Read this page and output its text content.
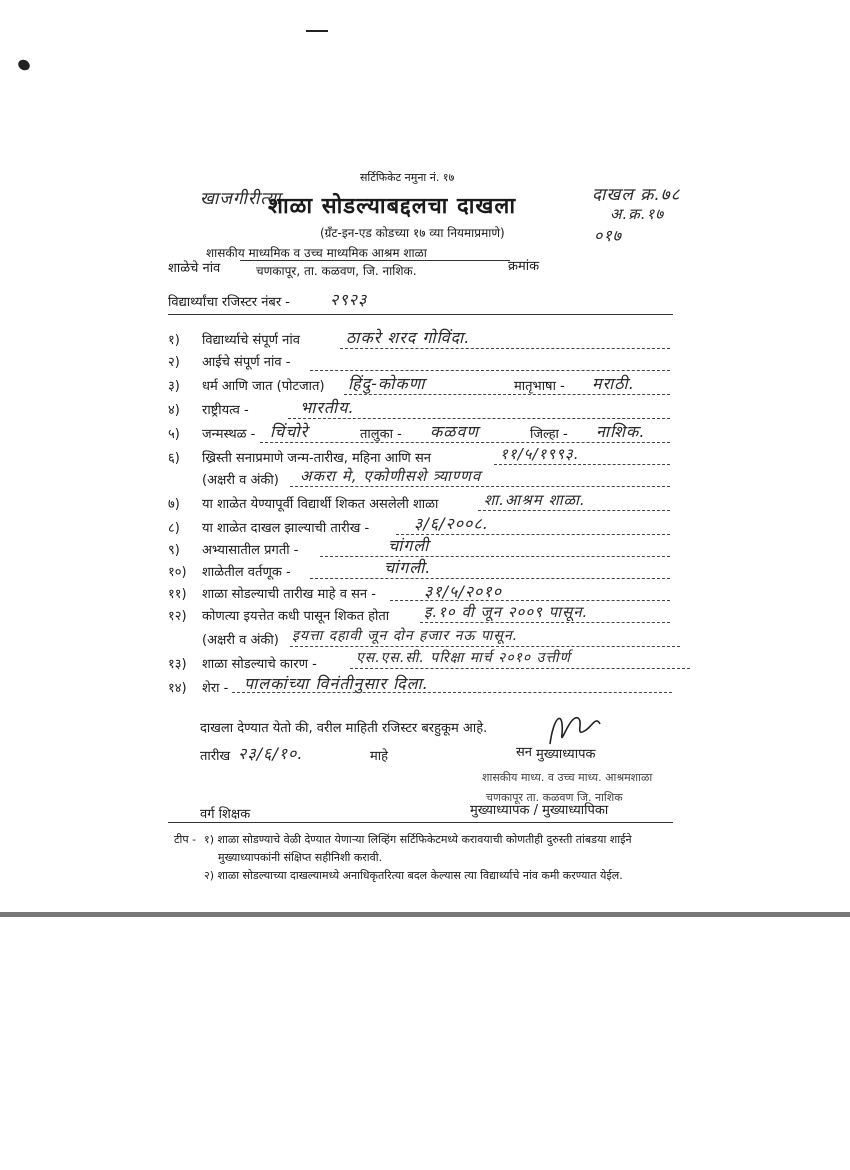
सर्टिफिकेट नमुना नं. १७
खाजगीरीत्या
शाळा सोडल्याबद्दलचा दाखला
(ग्रँट-इन-एड कोडच्या १७ व्या नियमाप्रमाणे)
दाखल क्र.७८
अ.क्र.१७
०१७
शाळेचे नांव
शासकीय माध्यमिक व उच्च माध्यमिक आश्रम शाळा
चणकापूर, ता. कळवण, जि. नाशिक.	क्रमांक
विद्यार्थ्यांचा रजिस्टर नंबर -	२९२३
१) विद्यार्थ्याचे संपूर्ण नांव	ठाकरे शरद गोविंदा.
२) आईचे संपूर्ण नांव -
३) धर्म आणि जात (पोटजात) हिंदु-कोकणा	मातृभाषा - मराठी.
४) राष्ट्रीयत्व -	भारतीय.
५) जन्मस्थळ - चिंचोरे	तालुका - कळवण	जिल्हा - नाशिक.
६) ख्रिस्ती सनाप्रमाणे जन्म-तारीख, महिना आणि सन	११/५/१९९३.
(अक्षरी व अंकी) अकरा मे, एकोणीसशे त्र्याण्णव
७) या शाळेत येण्यापूर्वी विद्यार्थी शिकत असलेली शाळा	शा.आश्रम शाळा.
८) या शाळेत दाखल झाल्याची तारीख -	३/६/२००८.
९) अभ्यासातील प्रगती -	चांगली
१०) शाळेतील वर्तणूक -	चांगली.
११) शाळा सोडल्याची तारीख माहे व सन -	३१/५/२०१०
१२) कोणत्या इयत्तेत कधी पासून शिकत होता इ.१० वी जून २००९ पासून.
(अक्षरी व अंकी) इयत्ता दहावी जून दोन हजार नऊ पासून.
१३) शाळा सोडल्याचे कारण -	एस.एस.सी. परिक्षा मार्च २०१० उत्तीर्ण
१४) शेरा - पालकांच्या विनंतीनुसार दिला.
दाखला देण्यात येतो की, वरील माहिती रजिस्टर बरहुकूम आहे.
तारीख २३/६/१०.	माहे	सन मुख्याध्यापक
शासकीय माध्य. व उच्च माध्य. आश्रमशाळा
चणकापूर ता. कळवण जि. नाशिक
वर्ग शिक्षक	मुख्याध्यापक / मुख्याध्यापिका
टीप - १) शाळा सोडण्याचे वेळी देण्यात येणाऱ्या लिव्हिंग सर्टिफिकेटमध्ये करावयाची कोणतीही दुरुस्ती तांबडया शाईने
मुख्याध्यापकांनी संक्षिप्त सहीनिशी करावी.
२) शाळा सोडल्याच्या दाखल्यामध्ये अनाधिकृतरित्या बदल केल्यास त्या विद्यार्थ्याचे नांव कमी करण्यात येईल.
